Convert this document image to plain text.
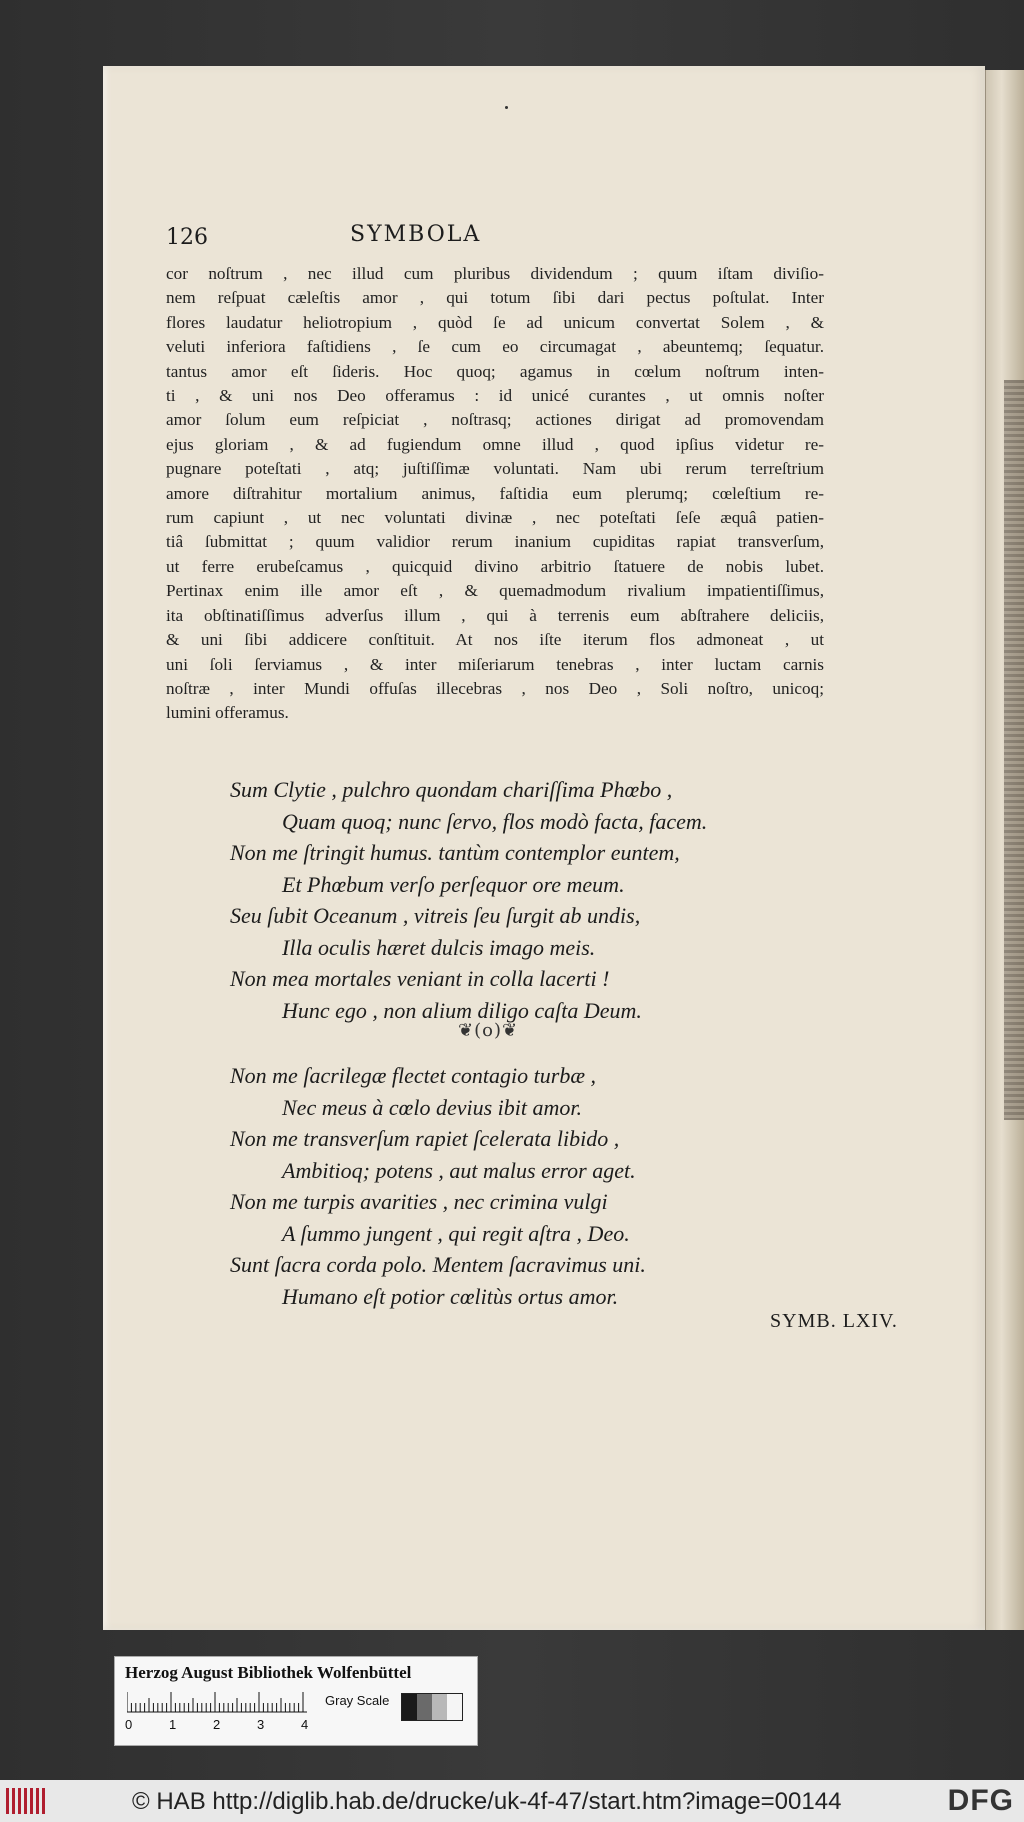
126	SYMBOLA
cor noſtrum , nec illud cum pluribus dividendum ; quum iſtam diviſio-
nem reſpuat cæleſtis amor , qui totum ſibi dari pectus poſtulat. Inter
flores laudatur heliotropium , quòd ſe ad unicum convertat Solem , &
veluti inferiora faſtidiens , ſe cum eo circumagat , abeuntemq; ſequatur.
tantus amor eſt ſideris. Hoc quoq; agamus in cœlum noſtrum inten-
ti , & uni nos Deo offeramus : id unicé curantes , ut omnis noſter
amor ſolum eum reſpiciat , noſtrasq; actiones dirigat ad promovendam
ejus gloriam , & ad fugiendum omne illud , quod ipſius videtur re-
pugnare poteſtati , atq; juſtiſſimæ voluntati. Nam ubi rerum terreſtrium
amore diſtrahitur mortalium animus, faſtidia eum plerumq; cœleſtium re-
rum capiunt , ut nec voluntati divinæ , nec poteſtati ſeſe æquâ patien-
tiâ ſubmittat ; quum validior rerum inanium cupiditas rapiat transverſum,
ut ferre erubeſcamus , quicquid divino arbitrio ſtatuere de nobis lubet.
Pertinax enim ille amor eſt , & quemadmodum rivalium impatientiſſimus,
ita obſtinatiſſimus adverſus illum , qui à terrenis eum abſtrahere deliciis,
& uni ſibi addicere conſtituit. At nos iſte iterum flos admoneat , ut
uni ſoli ſerviamus , & inter miſeriarum tenebras , inter luctam carnis
noſtræ , inter Mundi offuſas illecebras , nos Deo , Soli noſtro, unicoq;
lumini offeramus.
Sum Clytie , pulchro quondam chariſſima Phœbo ,
Quam quoq; nunc ſervo, flos modò facta, facem.
Non me ſtringit humus. tantùm contemplor euntem,
Et Phœbum verſo perſequor ore meum.
Seu ſubit Oceanum , vitreis ſeu ſurgit ab undis,
Illa oculis hæret dulcis imago meis.
Non mea mortales veniant in colla lacerti !
Hunc ego , non alium diligo caſta Deum.
❦(o)❦
Non me ſacrilegæ flectet contagio turbæ ,
Nec meus à cœlo devius ibit amor.
Non me transverſum rapiet ſcelerata libido ,
Ambitioq; potens , aut malus error aget.
Non me turpis avarities , nec crimina vulgi
A ſummo jungent , qui regit aſtra , Deo.
Sunt ſacra corda polo. Mentem ſacravimus uni.
Humano eſt potior cœlitùs ortus amor.
SYMB. LXIV.
Herzog August Bibliothek Wolfenbüttel
0	1	2	3	4
Gray Scale
© HAB http://diglib.hab.de/drucke/uk-4f-47/start.htm?image=00144	DFG
